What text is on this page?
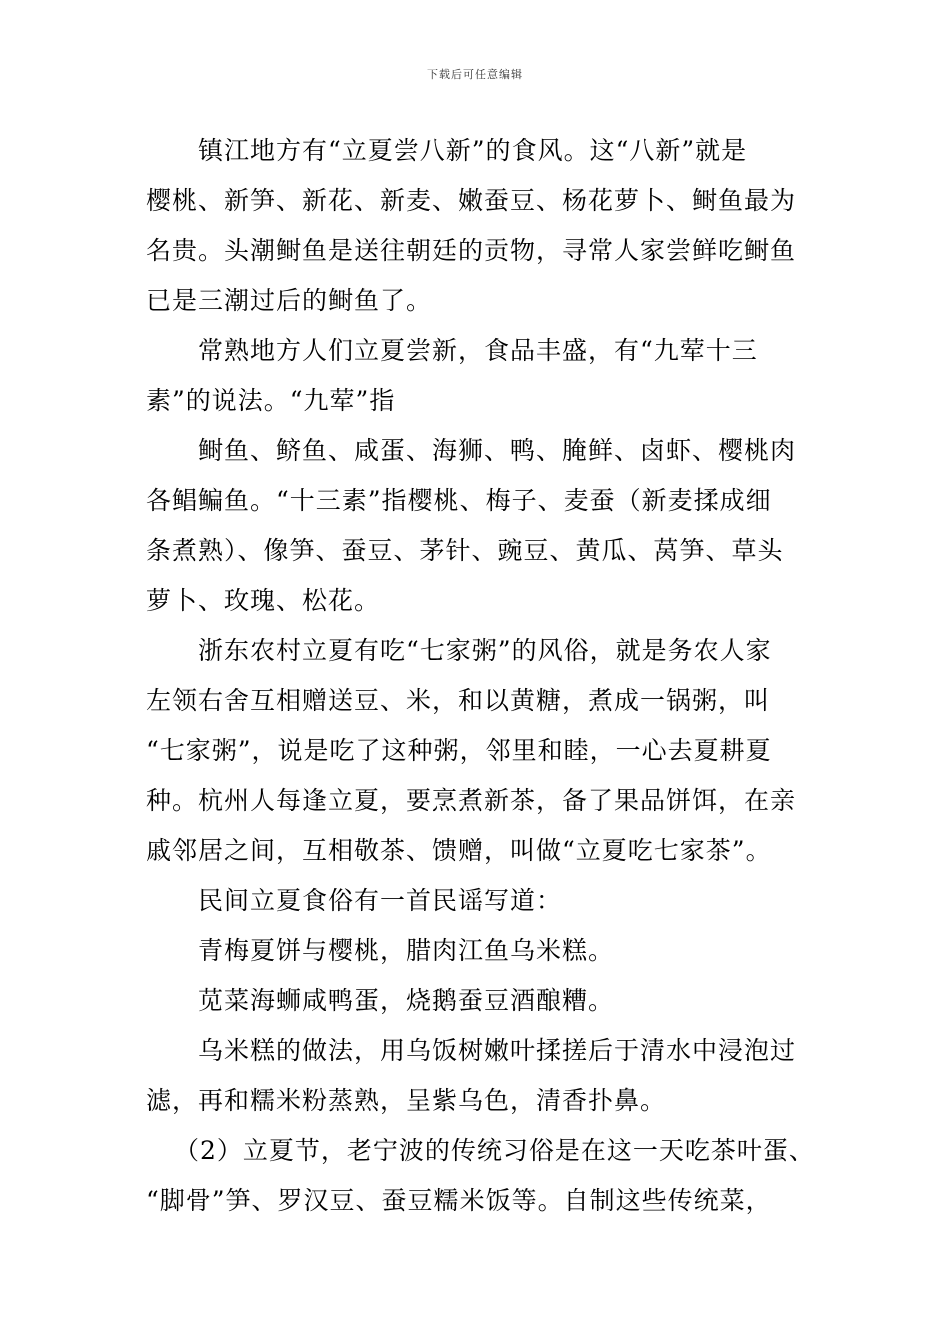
下载后可任意编辑
镇江地方有“立夏尝八新”的食风。这“八新”就是
樱桃、新笋、新花、新麦、嫩蚕豆、杨花萝卜、鲥鱼最为
名贵。头潮鲥鱼是送往朝廷的贡物，寻常人家尝鲜吃鲥鱼
已是三潮过后的鲥鱼了。
常熟地方人们立夏尝新，食品丰盛，有“九荤十三
素”的说法。“九荤”指
鲥鱼、鲚鱼、咸蛋、海狮、鸭、腌鲜、卤虾、樱桃肉
各鲳鳊鱼。“十三素”指樱桃、梅子、麦蚕（新麦揉成细
条煮熟）、像笋、蚕豆、茅针、豌豆、黄瓜、莴笋、草头
萝卜、玫瑰、松花。
浙东农村立夏有吃“七家粥”的风俗，就是务农人家
左领右舍互相赠送豆、米，和以黄糖，煮成一锅粥，叫
“七家粥”，说是吃了这种粥，邻里和睦，一心去夏耕夏
种。杭州人每逢立夏，要烹煮新茶，备了果品饼饵，在亲
戚邻居之间，互相敬茶、馈赠，叫做“立夏吃七家茶”。
民间立夏食俗有一首民谣写道：
青梅夏饼与樱桃，腊肉江鱼乌米糕。
苋菜海蛳咸鸭蛋，烧鹅蚕豆酒酿糟。
乌米糕的做法，用乌饭树嫩叶揉搓后于清水中浸泡过
滤，再和糯米粉蒸熟，呈紫乌色，清香扑鼻。
（2）立夏节，老宁波的传统习俗是在这一天吃茶叶蛋、
“脚骨”笋、罗汉豆、蚕豆糯米饭等。自制这些传统菜，
